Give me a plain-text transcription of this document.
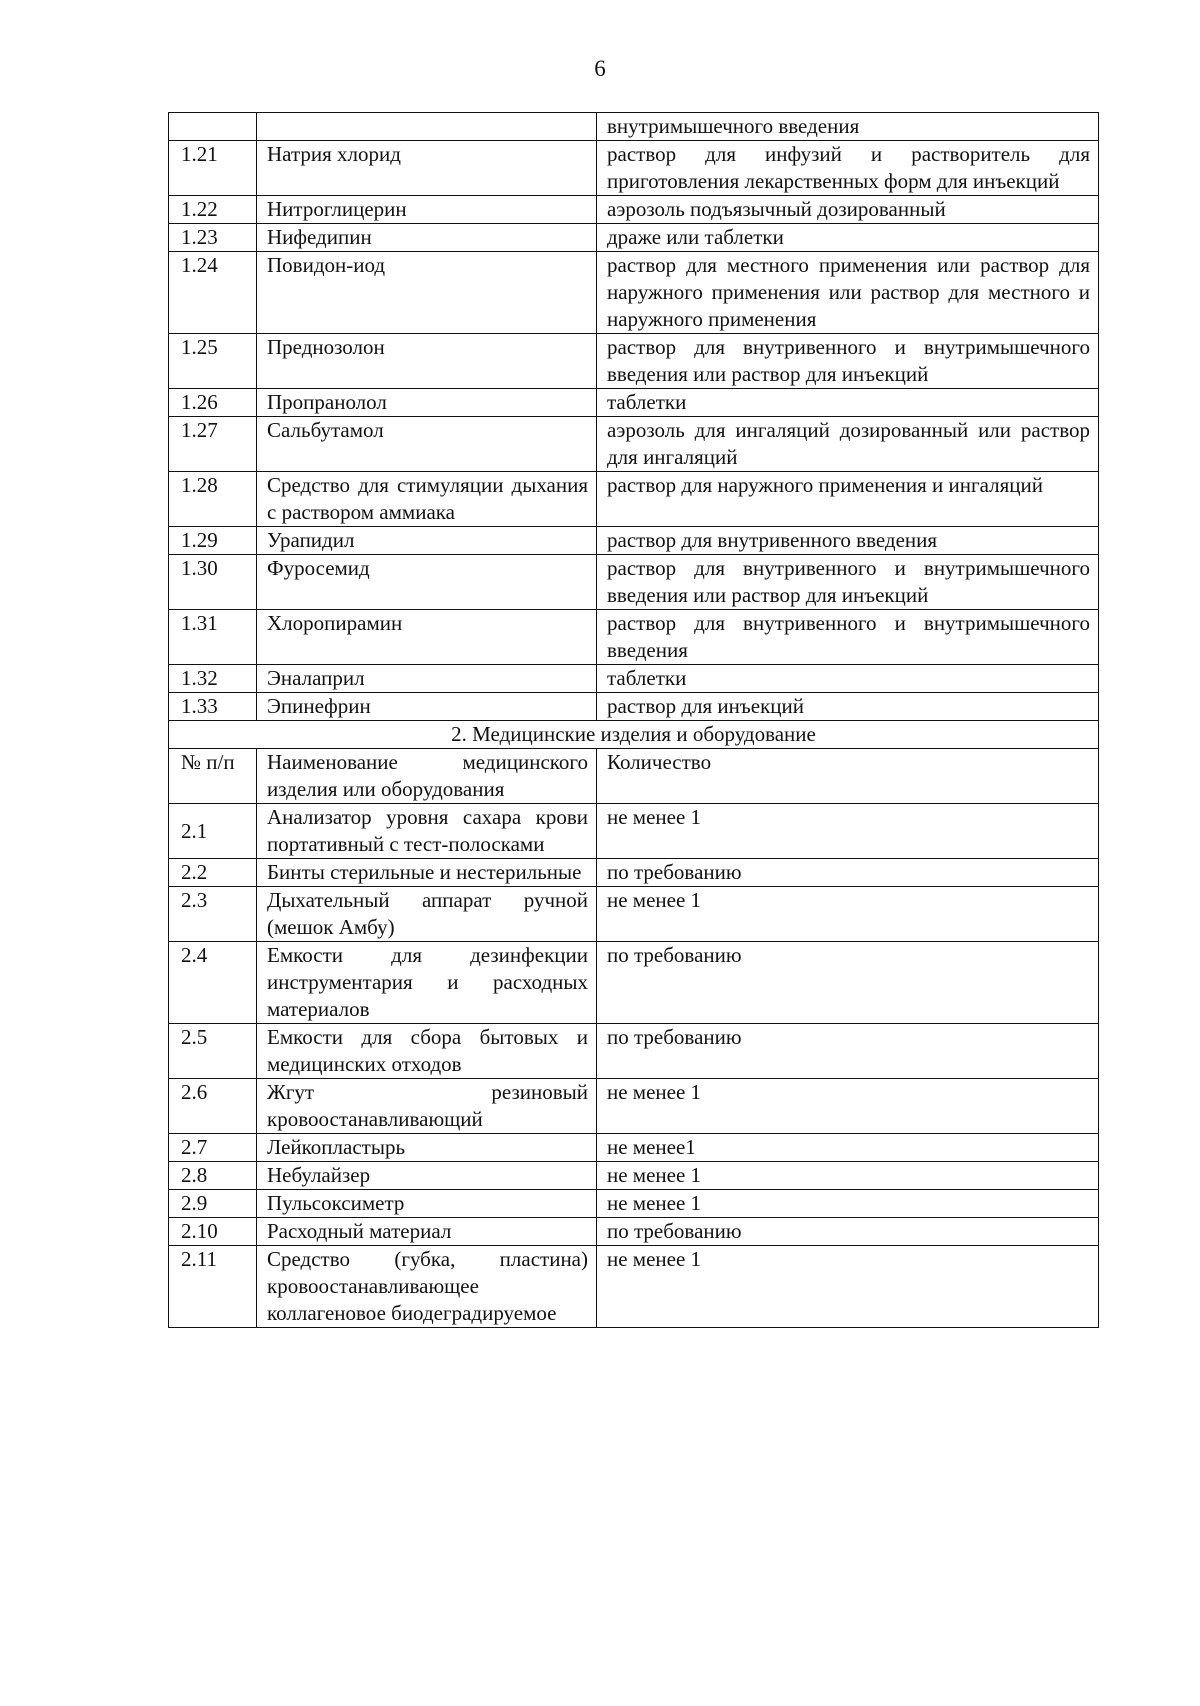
6
		внутримышечного введения
1.21	Натрия хлорид	раствор для инфузий и растворитель для приготовления лекарственных форм для инъекций
1.22	Нитроглицерин	аэрозоль подъязычный дозированный
1.23	Нифедипин	драже или таблетки
1.24	Повидон-иод	раствор для местного применения или раствор для наружного применения или раствор для местного и наружного применения
1.25	Преднозолон	раствор для внутривенного и внутримышечного введения или раствор для инъекций
1.26	Пропранолол	таблетки
1.27	Сальбутамол	аэрозоль для ингаляций дозированный или раствор для ингаляций
1.28	Средство для стимуляции дыхания с раствором аммиака	раствор для наружного применения и ингаляций
1.29	Урапидил	раствор для внутривенного введения
1.30	Фуросемид	раствор для внутривенного и внутримышечного введения или раствор для инъекций
1.31	Хлоропирамин	раствор для внутривенного и внутримышечного введения
1.32	Эналаприл	таблетки
1.33	Эпинефрин	раствор для инъекций
2. Медицинские изделия и оборудование		
№ п/п	Наименование медицинского изделия или оборудования	Количество
2.1	Анализатор уровня сахара крови портативный с тест-полосками	не менее 1
2.2	Бинты стерильные и нестерильные	по требованию
2.3	Дыхательный аппарат ручной (мешок Амбу)	не менее 1
2.4	Емкости для дезинфекции инструментария и расходных материалов	по требованию
2.5	Емкости для сбора бытовых и медицинских отходов	по требованию
2.6	Жгут резиновый кровоостанавливающий	не менее 1
2.7	Лейкопластырь	не менее1
2.8	Небулайзер	не менее 1
2.9	Пульсоксиметр	не менее 1
2.10	Расходный материал	по требованию
2.11	Средство (губка, пластина) кровоостанавливающее коллагеновое биодеградируемое	не менее 1
